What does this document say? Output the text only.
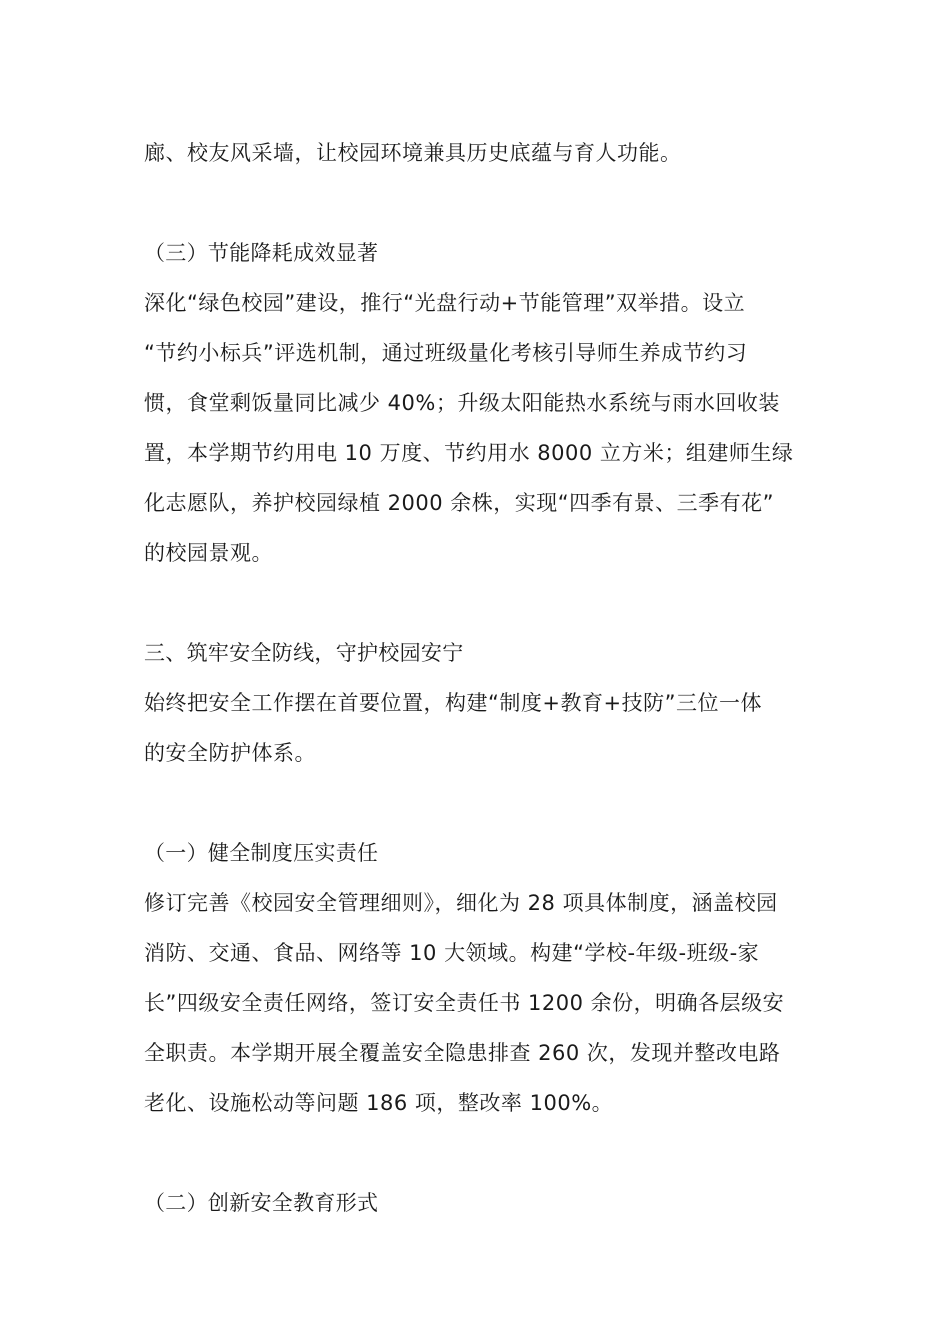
廊、校友风采墙，让校园环境兼具历史底蕴与育人功能。
（三）节能降耗成效显著
深化“绿色校园”建设，推行“光盘行动+节能管理”双举措。设立
“节约小标兵”评选机制，通过班级量化考核引导师生养成节约习
惯，食堂剩饭量同比减少 40%；升级太阳能热水系统与雨水回收装
置，本学期节约用电 10 万度、节约用水 8000 立方米；组建师生绿
化志愿队，养护校园绿植 2000 余株，实现“四季有景、三季有花”
的校园景观。
三、筑牢安全防线，守护校园安宁
始终把安全工作摆在首要位置，构建“制度+教育+技防”三位一体
的安全防护体系。
（一）健全制度压实责任
修订完善《校园安全管理细则》，细化为 28 项具体制度，涵盖校园
消防、交通、食品、网络等 10 大领域。构建“学校-年级-班级-家
长”四级安全责任网络，签订安全责任书 1200 余份，明确各层级安
全职责。本学期开展全覆盖安全隐患排查 260 次，发现并整改电路
老化、设施松动等问题 186 项，整改率 100%。
（二）创新安全教育形式
